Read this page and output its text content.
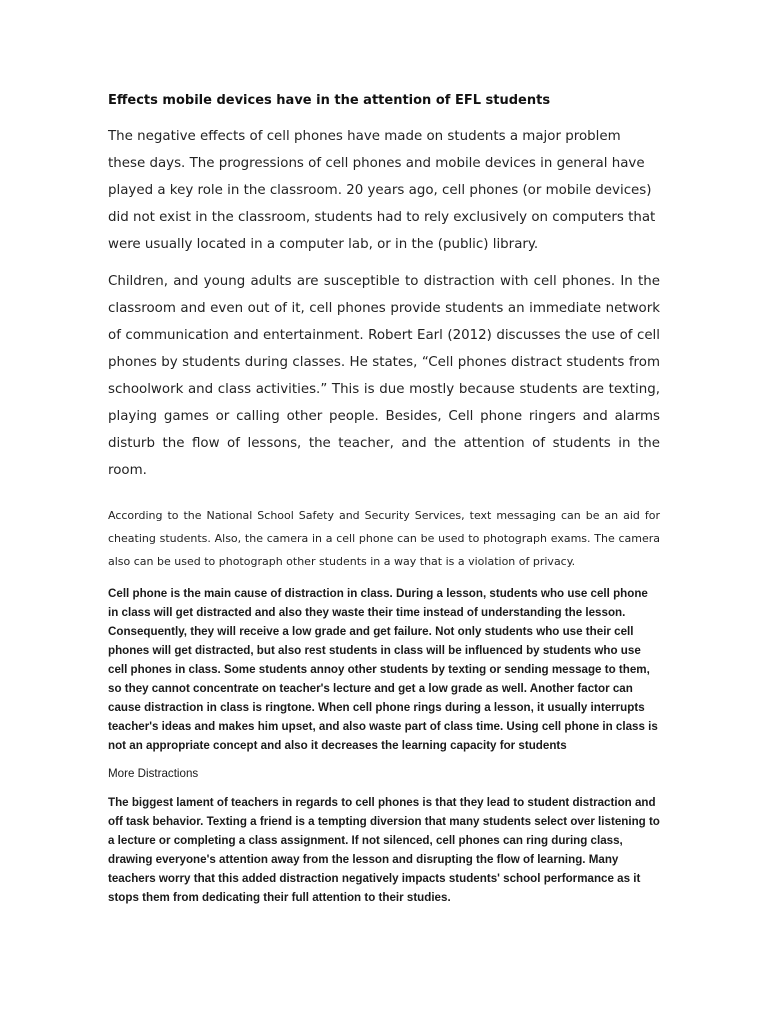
Effects mobile devices have in the attention of EFL students

The negative effects of cell phones have made on students a major problem these days. The progressions of cell phones and mobile devices in general have played a key role in the classroom. 20 years ago, cell phones (or mobile devices) did not exist in the classroom, students had to rely exclusively on computers that were usually located in a computer lab, or in the (public) library.

Children, and young adults are susceptible to distraction with cell phones. In the classroom and even out of it, cell phones provide students an immediate network of communication and entertainment. Robert Earl (2012) discusses the use of cell phones by students during classes. He states, “Cell phones distract students from schoolwork and class activities.” This is due mostly because students are texting, playing games or calling other people. Besides, Cell phone ringers and alarms disturb the flow of lessons, the teacher, and the attention of students in the room.

According to the National School Safety and Security Services, text messaging can be an aid for cheating students. Also, the camera in a cell phone can be used to photograph exams. The camera also can be used to photograph other students in a way that is a violation of privacy.

Cell phone is the main cause of distraction in class. During a lesson, students who use cell phone in class will get distracted and also they waste their time instead of understanding the lesson. Consequently, they will receive a low grade and get failure. Not only students who use their cell phones will get distracted, but also rest students in class will be influenced by students who use cell phones in class. Some students annoy other students by texting or sending message to them, so they cannot concentrate on teacher's lecture and get a low grade as well. Another factor can cause distraction in class is ringtone. When cell phone rings during a lesson, it usually interrupts teacher's ideas and makes him upset, and also waste part of class time. Using cell phone in class is not an appropriate concept and also it decreases the learning capacity for students

More Distractions

The biggest lament of teachers in regards to cell phones is that they lead to student distraction and off task behavior. Texting a friend is a tempting diversion that many students select over listening to a lecture or completing a class assignment. If not silenced, cell phones can ring during class, drawing everyone's attention away from the lesson and disrupting the flow of learning. Many teachers worry that this added distraction negatively impacts students' school performance as it stops them from dedicating their full attention to their studies.
